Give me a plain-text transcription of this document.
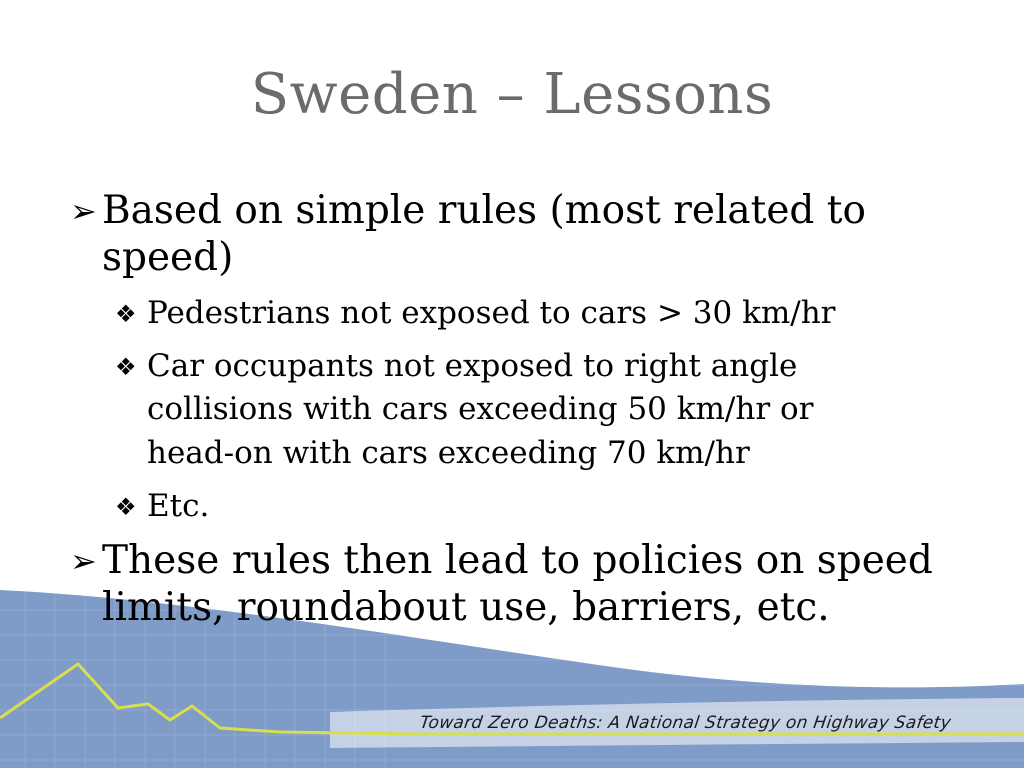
Sweden – Lessons
➢ Based on simple rules (most related to speed)
❖ Pedestrians not exposed to cars > 30 km/hr
❖ Car occupants not exposed to right angle collisions with cars exceeding 50 km/hr or head-on with cars exceeding 70 km/hr
❖ Etc.
➢ These rules then lead to policies on speed limits, roundabout use, barriers, etc.
Toward Zero Deaths: A National Strategy on Highway Safety
